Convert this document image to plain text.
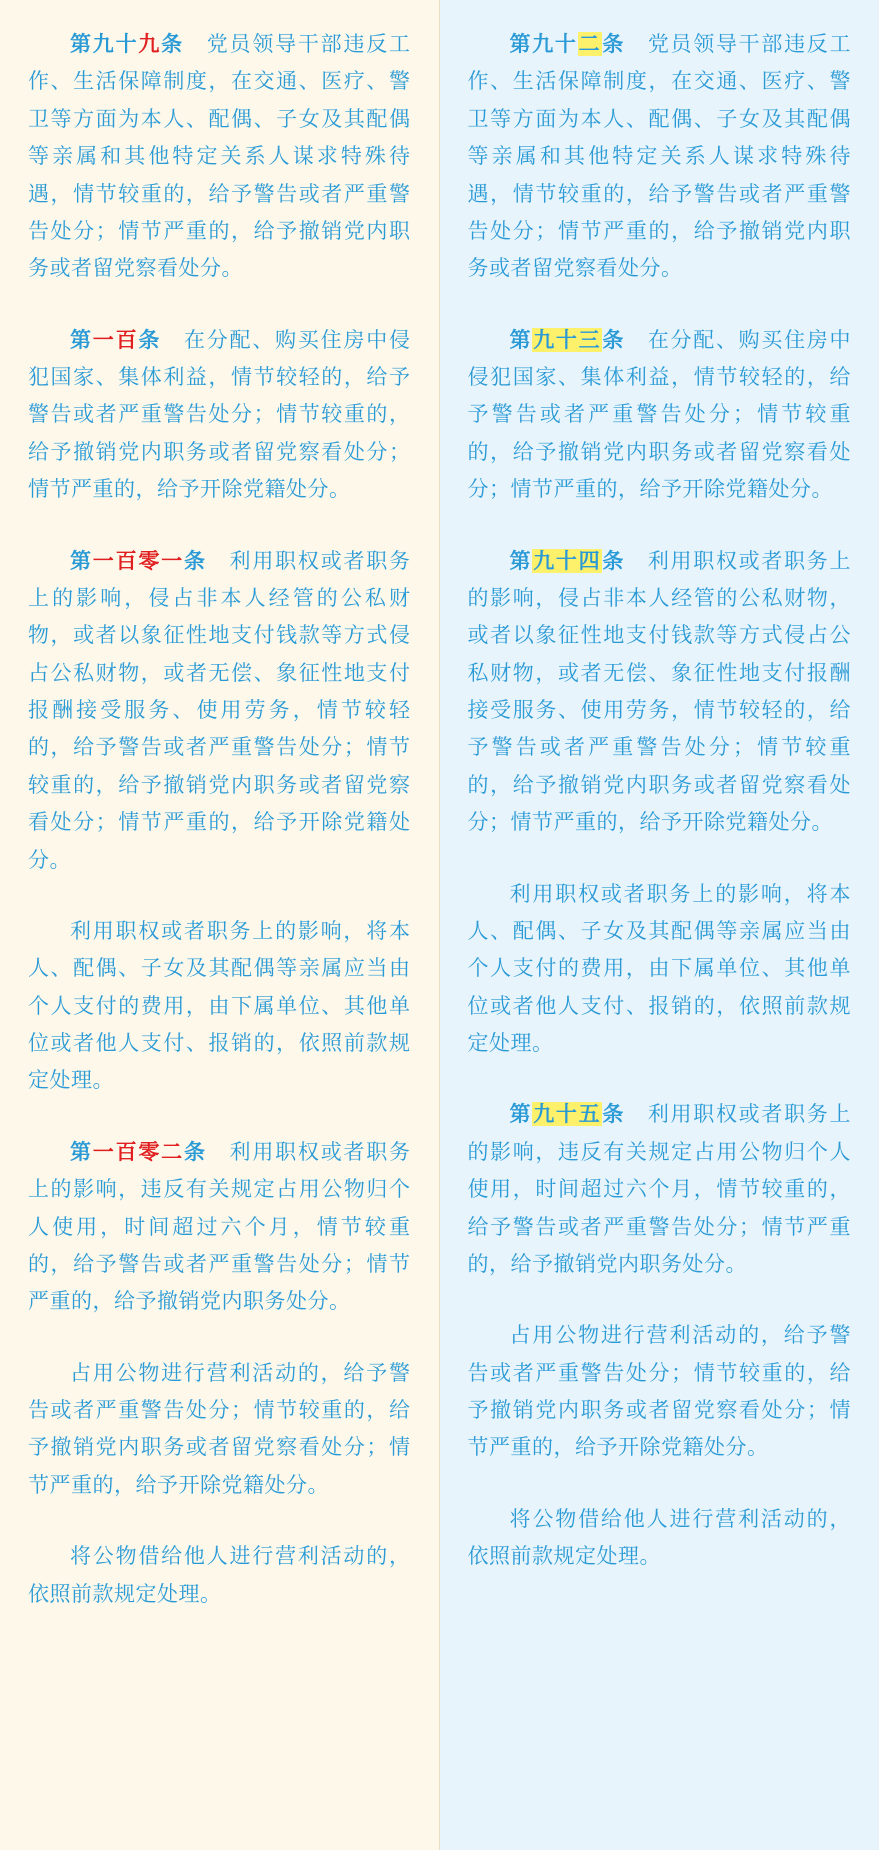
第九十九条　 党员领导干部违反工作、生活保障制度，在交通、医疗、警卫等方面为本人、配偶、子女及其配偶等亲属和其他特定关系人谋求特殊待遇，情节较重的，给予警告或者严重警告处分；情节严重的，给予撤销党内职务或者留党察看处分。

第一百条　 在分配、购买住房中侵犯国家、集体利益，情节较轻的，给予警告或者严重警告处分；情节较重的，给予撤销党内职务或者留党察看处分；情节严重的，给予开除党籍处分。

第一百零一条　 利用职权或者职务上的影响，侵占非本人经管的公私财物，或者以象征性地支付钱款等方式侵占公私财物，或者无偿、象征性地支付报酬接受服务、使用劳务，情节较轻的，给予警告或者严重警告处分；情节较重的，给予撤销党内职务或者留党察看处分；情节严重的，给予开除党籍处分。

利用职权或者职务上的影响，将本人、配偶、子女及其配偶等亲属应当由个人支付的费用，由下属单位、其他单位或者他人支付、报销的，依照前款规定处理。

第一百零二条　 利用职权或者职务上的影响，违反有关规定占用公物归个人使用，时间超过六个月，情节较重的，给予警告或者严重警告处分；情节严重的，给予撤销党内职务处分。

占用公物进行营利活动的，给予警告或者严重警告处分；情节较重的，给予撤销党内职务或者留党察看处分；情节严重的，给予开除党籍处分。

将公物借给他人进行营利活动的，依照前款规定处理。

第九十二条　 党员领导干部违反工作、生活保障制度，在交通、医疗、警卫等方面为本人、配偶、子女及其配偶等亲属和其他特定关系人谋求特殊待遇，情节较重的，给予警告或者严重警告处分；情节严重的，给予撤销党内职务或者留党察看处分。

第九十三条　 在分配、购买住房中侵犯国家、集体利益，情节较轻的，给予警告或者严重警告处分；情节较重的，给予撤销党内职务或者留党察看处分；情节严重的，给予开除党籍处分。

第九十四条　 利用职权或者职务上的影响，侵占非本人经管的公私财物，或者以象征性地支付钱款等方式侵占公私财物，或者无偿、象征性地支付报酬接受服务、使用劳务，情节较轻的，给予警告或者严重警告处分；情节较重的，给予撤销党内职务或者留党察看处分；情节严重的，给予开除党籍处分。

利用职权或者职务上的影响，将本人、配偶、子女及其配偶等亲属应当由个人支付的费用，由下属单位、其他单位或者他人支付、报销的，依照前款规定处理。

第九十五条　 利用职权或者职务上的影响，违反有关规定占用公物归个人使用，时间超过六个月，情节较重的，给予警告或者严重警告处分；情节严重的，给予撤销党内职务处分。

占用公物进行营利活动的，给予警告或者严重警告处分；情节较重的，给予撤销党内职务或者留党察看处分；情节严重的，给予开除党籍处分。

将公物借给他人进行营利活动的，依照前款规定处理。
